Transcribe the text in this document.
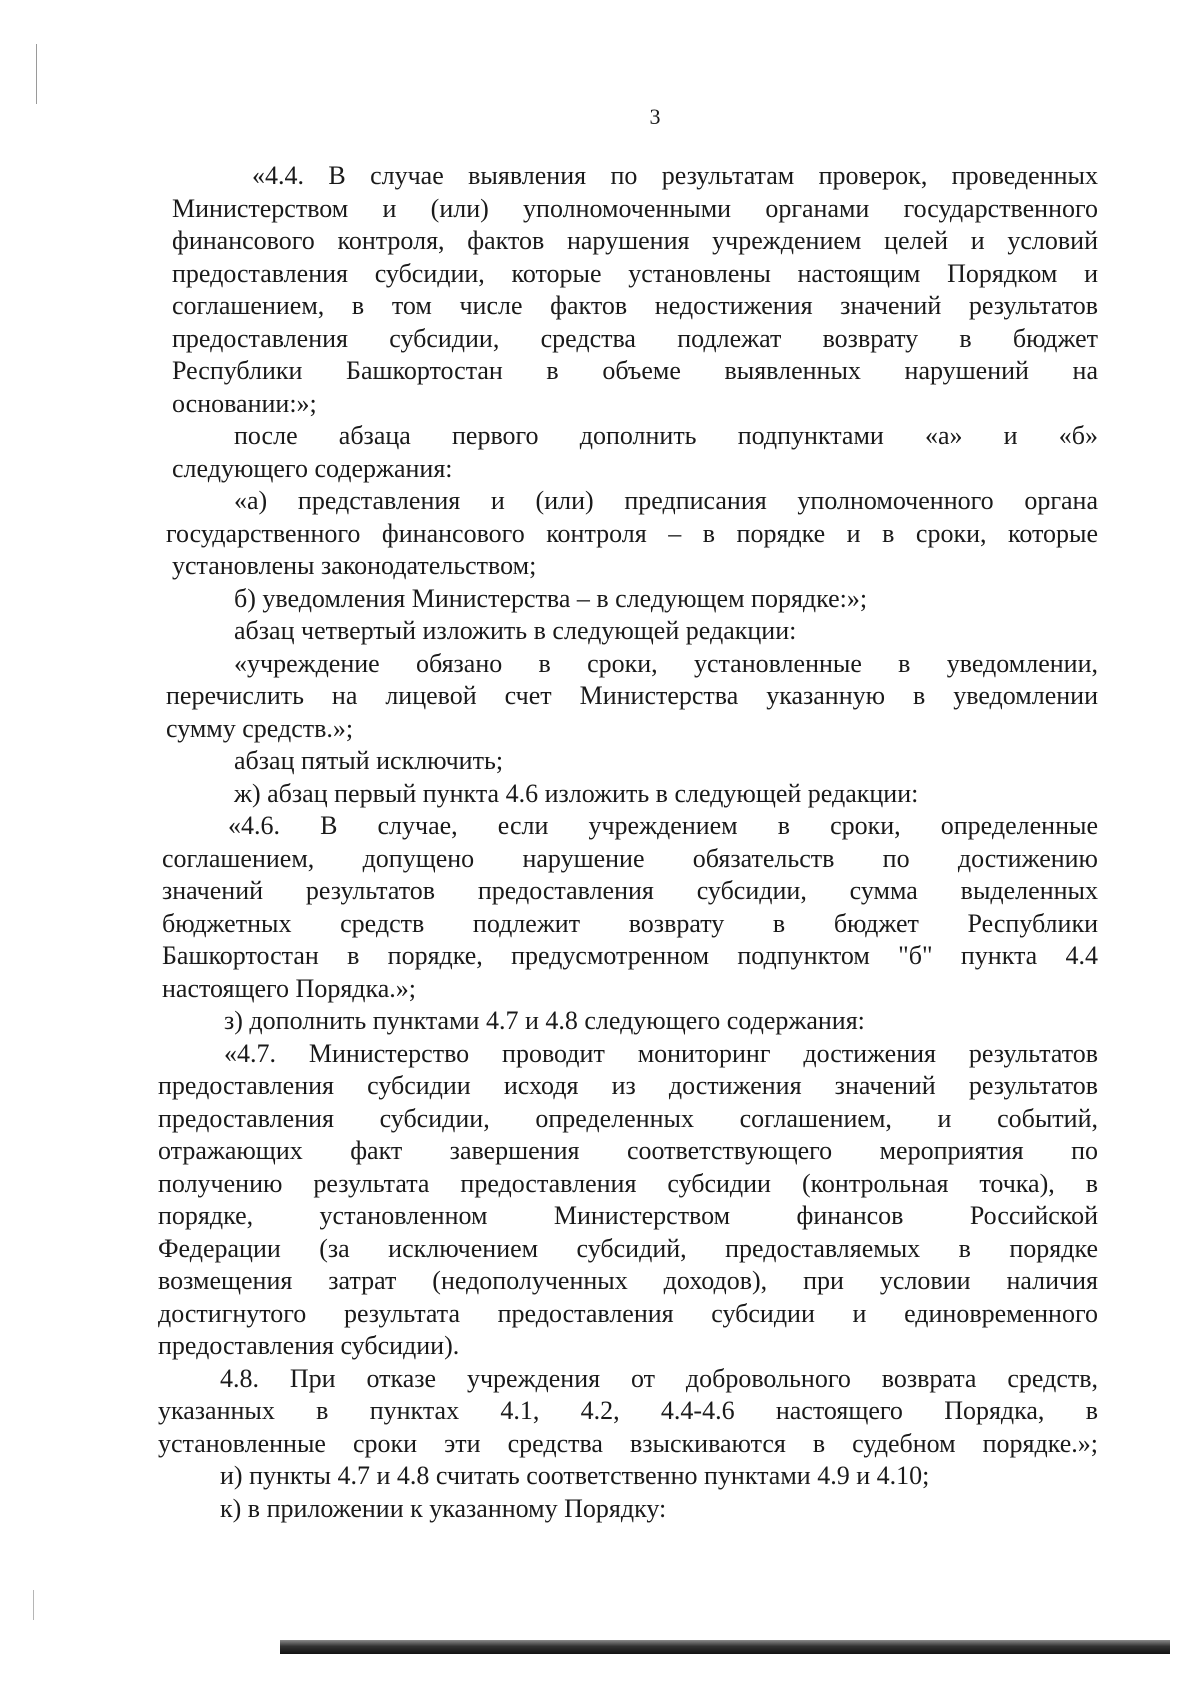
3
«4.4. В случае выявления по результатам проверок, проведенных
Министерством и (или) уполномоченными органами государственного
финансового контроля, фактов нарушения учреждением целей и условий
предоставления субсидии, которые установлены настоящим Порядком и
соглашением, в том числе фактов недостижения значений результатов
предоставления субсидии, средства подлежат возврату в бюджет
Республики Башкортостан в объеме выявленных нарушений на
основании:»;
после абзаца первого дополнить подпунктами «а» и «б»
следующего содержания:
«а) представления и (или) предписания уполномоченного органа
государственного финансового контроля – в порядке и в сроки, которые
установлены законодательством;
б) уведомления Министерства – в следующем порядке:»;
абзац четвертый изложить в следующей редакции:
«учреждение обязано в сроки, установленные в уведомлении,
перечислить на лицевой счет Министерства указанную в уведомлении
сумму средств.»;
абзац пятый исключить;
ж) абзац первый пункта 4.6 изложить в следующей редакции:
«4.6. В случае, если учреждением в сроки, определенные
соглашением, допущено нарушение обязательств по достижению
значений результатов предоставления субсидии, сумма выделенных
бюджетных средств подлежит возврату в бюджет Республики
Башкортостан в порядке, предусмотренном подпунктом "б" пункта 4.4
настоящего Порядка.»;
з) дополнить пунктами 4.7 и 4.8 следующего содержания:
«4.7. Министерство проводит мониторинг достижения результатов
предоставления субсидии исходя из достижения значений результатов
предоставления субсидии, определенных соглашением, и событий,
отражающих факт завершения соответствующего мероприятия по
получению результата предоставления субсидии (контрольная точка), в
порядке, установленном Министерством финансов Российской
Федерации (за исключением субсидий, предоставляемых в порядке
возмещения затрат (недополученных доходов), при условии наличия
достигнутого результата предоставления субсидии и единовременного
предоставления субсидии).
4.8. При отказе учреждения от добровольного возврата средств,
указанных в пунктах 4.1, 4.2, 4.4-4.6 настоящего Порядка, в
установленные сроки эти средства взыскиваются в судебном порядке.»;
и) пункты 4.7 и 4.8 считать соответственно пунктами 4.9 и 4.10;
к) в приложении к указанному Порядку:
